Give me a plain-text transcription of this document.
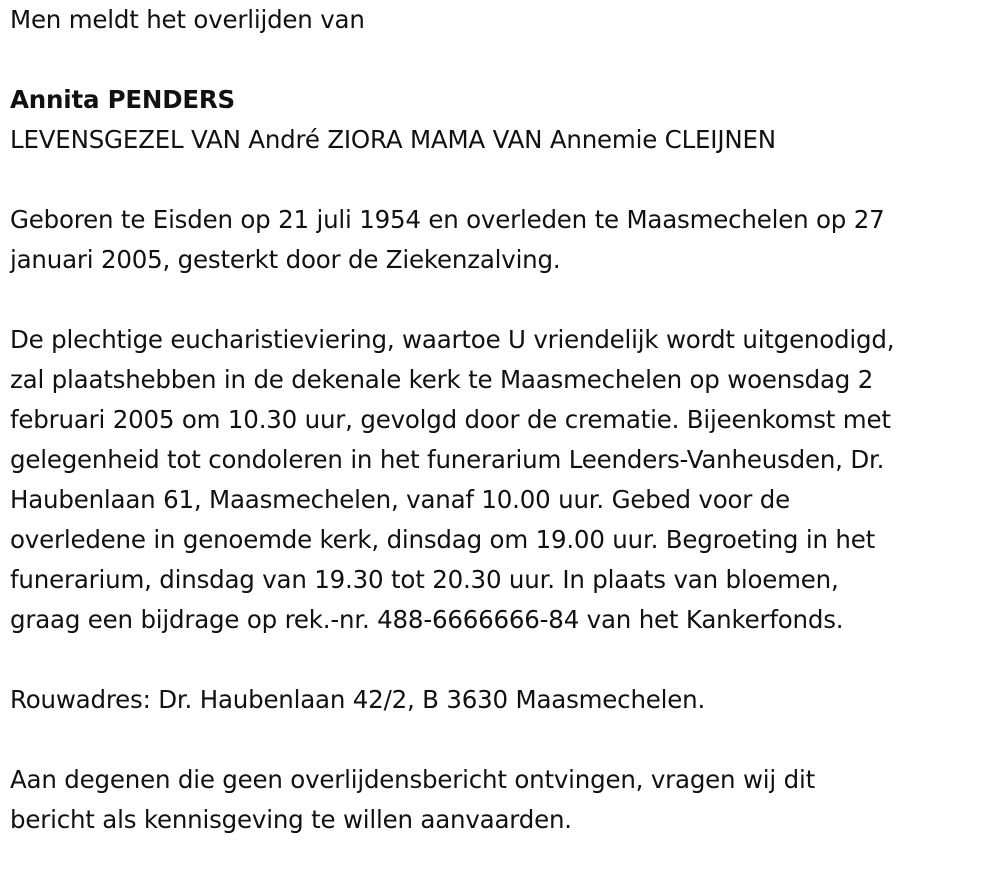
Men meldt het overlijden van

Annita PENDERS

LEVENSGEZEL VAN André ZIORA MAMA VAN Annemie CLEIJNEN

Geboren te Eisden op 21 juli 1954 en overleden te Maasmechelen op 27
januari 2005, gesterkt door de Ziekenzalving.

De plechtige eucharistieviering, waartoe U vriendelijk wordt uitgenodigd,
zal plaatshebben in de dekenale kerk te Maasmechelen op woensdag 2
februari 2005 om 10.30 uur, gevolgd door de crematie. Bijeenkomst met
gelegenheid tot condoleren in het funerarium Leenders-Vanheusden, Dr.
Haubenlaan 61, Maasmechelen, vanaf 10.00 uur. Gebed voor de
overledene in genoemde kerk, dinsdag om 19.00 uur. Begroeting in het
funerarium, dinsdag van 19.30 tot 20.30 uur. In plaats van bloemen,
graag een bijdrage op rek.-nr. 488-6666666-84 van het Kankerfonds.

Rouwadres: Dr. Haubenlaan 42/2, B 3630 Maasmechelen.

Aan degenen die geen overlijdensbericht ontvingen, vragen wij dit
bericht als kennisgeving te willen aanvaarden.
